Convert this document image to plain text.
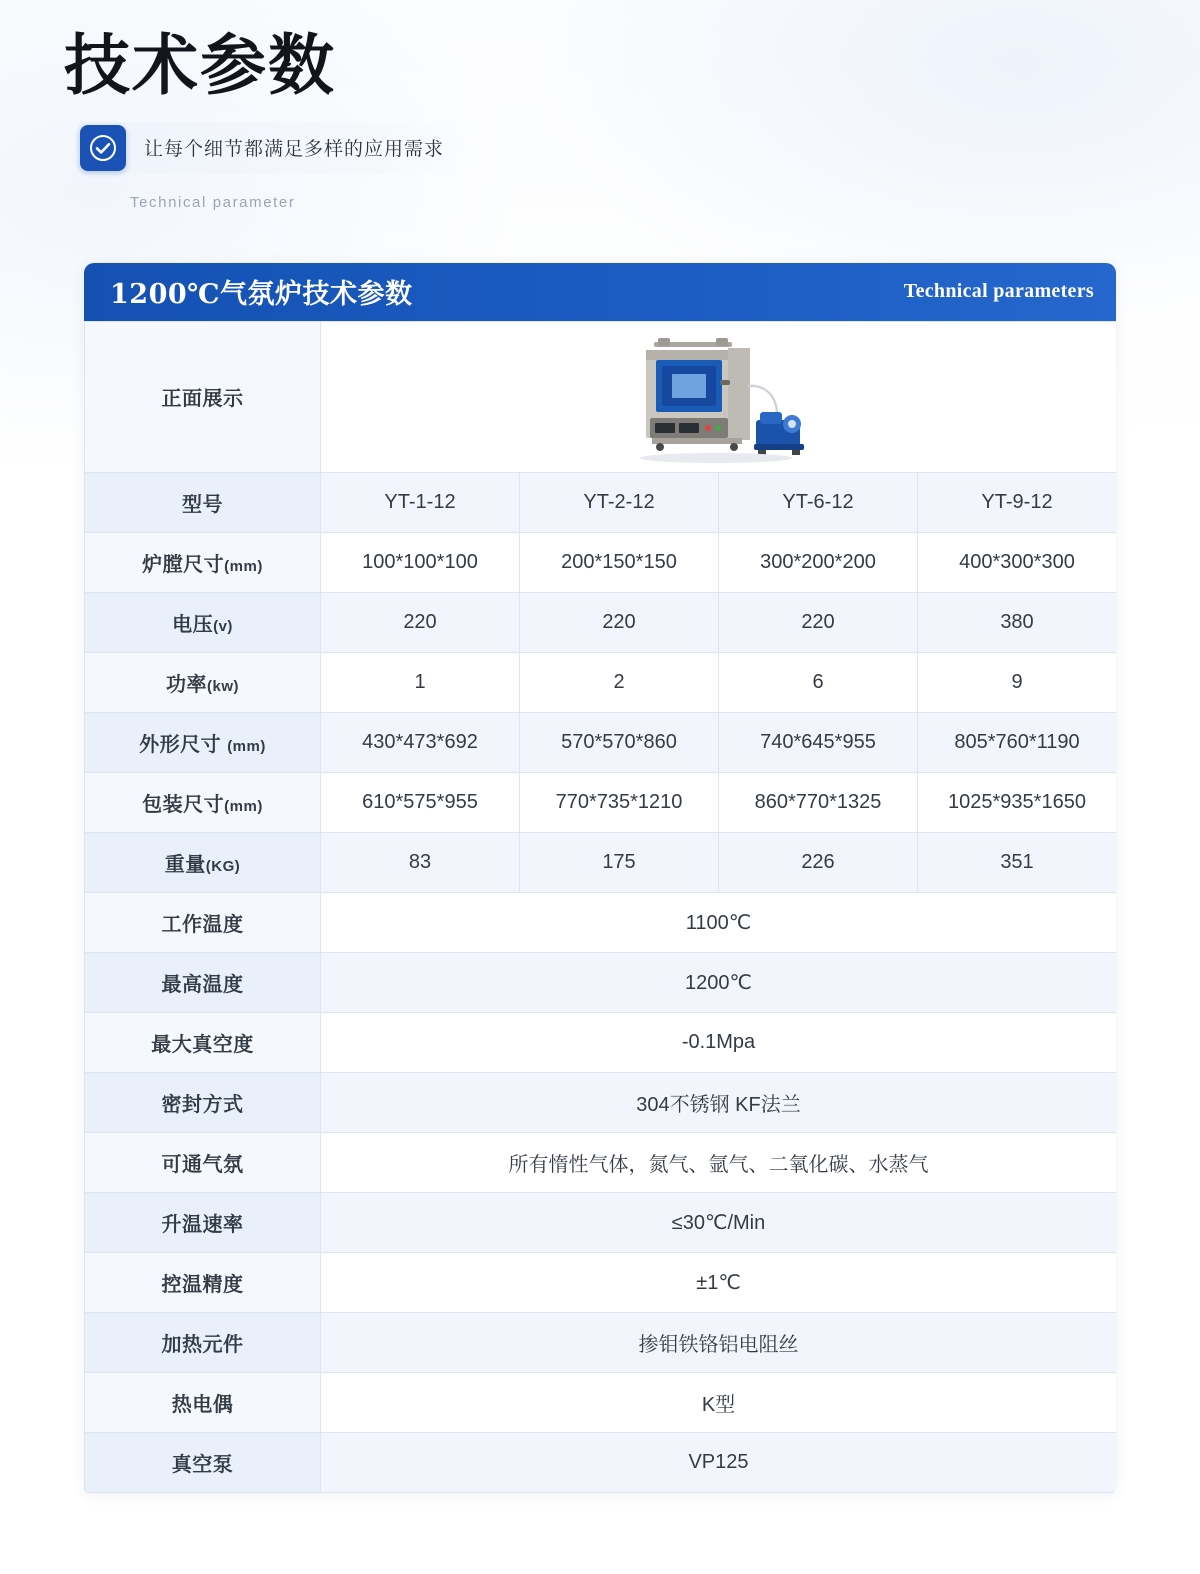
技术参数
让每个细节都满足多样的应用需求
Technical parameter
1200℃气氛炉技术参数	Technical parameters
正面展示	

型号	YT-1-12	YT-2-12	YT-6-12	YT-9-12
炉膛尺寸(mm)	100*100*100	200*150*150	300*200*200	400*300*300
电压(v)	220	220	220	380
功率(kw)	1	2	6	9
外形尺寸 (mm)	430*473*692	570*570*860	740*645*955	805*760*1190
包装尺寸(mm)	610*575*955	770*735*1210	860*770*1325	1025*935*1650
重量(KG)	83	175	226	351
工作温度	1100℃			
最高温度	1200℃			
最大真空度	-0.1Mpa			
密封方式	304不锈钢 KF法兰			
可通气氛	所有惰性气体，氮气、氩气、二氧化碳、水蒸气			
升温速率	≤30℃/Min			
控温精度	±1℃			
加热元件	掺钼铁铬铝电阻丝			
热电偶	K型			
真空泵	VP125			
